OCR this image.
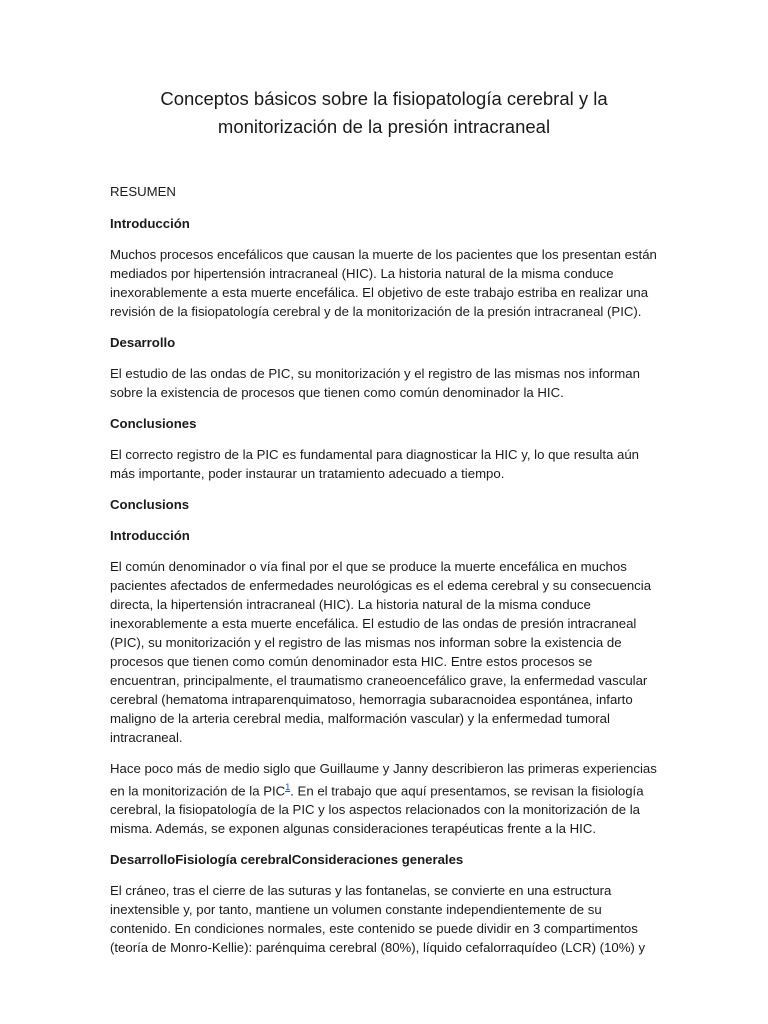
Conceptos básicos sobre la fisiopatología cerebral y la
monitorización de la presión intracraneal

RESUMEN

Introducción

Muchos procesos encefálicos que causan la muerte de los pacientes que los presentan están mediados por hipertensión intracraneal (HIC). La historia natural de la misma conduce inexorablemente a esta muerte encefálica. El objetivo de este trabajo estriba en realizar una revisión de la fisiopatología cerebral y de la monitorización de la presión intracraneal (PIC).

Desarrollo

El estudio de las ondas de PIC, su monitorización y el registro de las mismas nos informan sobre la existencia de procesos que tienen como común denominador la HIC.

Conclusiones

El correcto registro de la PIC es fundamental para diagnosticar la HIC y, lo que resulta aún más importante, poder instaurar un tratamiento adecuado a tiempo.

Conclusions

Introducción

El común denominador o vía final por el que se produce la muerte encefálica en muchos pacientes afectados de enfermedades neurológicas es el edema cerebral y su consecuencia directa, la hipertensión intracraneal (HIC). La historia natural de la misma conduce inexorablemente a esta muerte encefálica. El estudio de las ondas de presión intracraneal (PIC), su monitorización y el registro de las mismas nos informan sobre la existencia de procesos que tienen como común denominador esta HIC. Entre estos procesos se encuentran, principalmente, el traumatismo craneoencefálico grave, la enfermedad vascular cerebral (hematoma intraparenquimatoso, hemorragia subaracnoidea espontánea, infarto maligno de la arteria cerebral media, malformación vascular) y la enfermedad tumoral intracraneal.

Hace poco más de medio siglo que Guillaume y Janny describieron las primeras experiencias en la monitorización de la PIC$^1$. En el trabajo que aquí presentamos, se revisan la fisiología cerebral, la fisiopatología de la PIC y los aspectos relacionados con la monitorización de la misma. Además, se exponen algunas consideraciones terapéuticas frente a la HIC.

DesarrolloFisiología cerebralConsideraciones generales

El cráneo, tras el cierre de las suturas y las fontanelas, se convierte en una estructura inextensible y, por tanto, mantiene un volumen constante independientemente de su contenido. En condiciones normales, este contenido se puede dividir en 3 compartimentos (teoría de Monro-Kellie): parénquima cerebral (80%), líquido cefalorraquídeo (LCR) (10%) y
